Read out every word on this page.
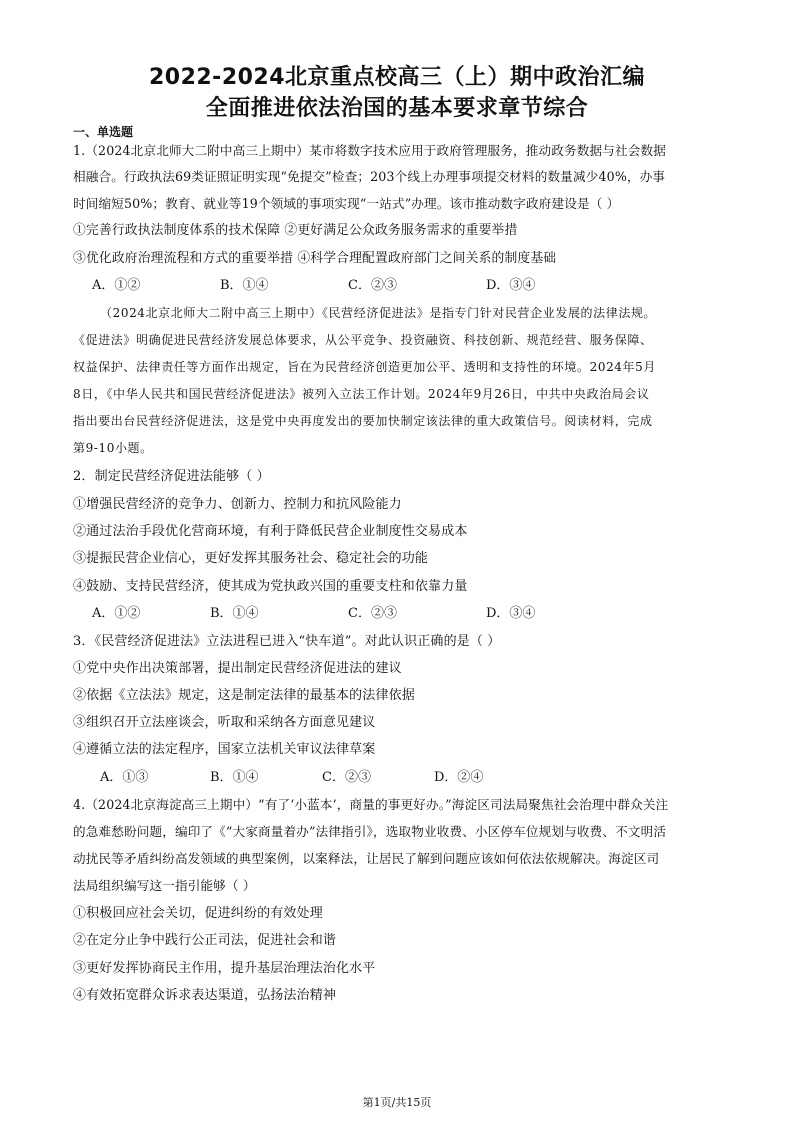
2022-2024北京重点校高三（上）期中政治汇编
全面推进依法治国的基本要求章节综合
一、单选题
1.（2024北京北师大二附中高三上期中）某市将数字技术应用于政府管理服务，推动政务数据与社会数据
相融合。行政执法69类证照证明实现“免提交”检查；203个线上办理事项提交材料的数量减少40%，办事
时间缩短50%；教育、就业等19个领域的事项实现“一站式”办理。该市推动数字政府建设是（ ）
①完善行政执法制度体系的技术保障 ②更好满足公众政务服务需求的重要举措
③优化政府治理流程和方式的重要举措 ④科学合理配置政府部门之间关系的制度基础
A．①②	B．①④	C．②③	D．③④
（2024北京北师大二附中高三上期中）《民营经济促进法》是指专门针对民营企业发展的法律法规。
《促进法》明确促进民营经济发展总体要求，从公平竞争、投资融资、科技创新、规范经营、服务保障、
权益保护、法律责任等方面作出规定，旨在为民营经济创造更加公平、透明和支持性的环境。2024年5月
8日，《中华人民共和国民营经济促进法》被列入立法工作计划。2024年9月26日，中共中央政治局会议
指出要出台民营经济促进法，这是党中央再度发出的要加快制定该法律的重大政策信号。阅读材料，完成
第9-10小题。
2．制定民营经济促进法能够（ ）
①增强民营经济的竞争力、创新力、控制力和抗风险能力
②通过法治手段优化营商环境，有利于降低民营企业制度性交易成本
③提振民营企业信心，更好发挥其服务社会、稳定社会的功能
④鼓励、支持民营经济，使其成为党执政兴国的重要支柱和依靠力量
A．①②	B．①④	C．②③	D．③④
3．《民营经济促进法》立法进程已进入“快车道”。对此认识正确的是（ ）
①党中央作出决策部署，提出制定民营经济促进法的建议
②依据《立法法》规定，这是制定法律的最基本的法律依据
③组织召开立法座谈会，听取和采纳各方面意见建议
④遵循立法的法定程序，国家立法机关审议法律草案
A．①③	B．①④	C．②③	D．②④
4.（2024北京海淀高三上期中）“有了‘小蓝本’，商量的事更好办。”海淀区司法局聚焦社会治理中群众关注
的急难愁盼问题，编印了《“大家商量着办”法律指引》，选取物业收费、小区停车位规划与收费、不文明活
动扰民等矛盾纠纷高发领域的典型案例，以案释法，让居民了解到问题应该如何依法依规解决。海淀区司
法局组织编写这一指引能够（ ）
①积极回应社会关切，促进纠纷的有效处理
②在定分止争中践行公正司法，促进社会和谐
③更好发挥协商民主作用，提升基层治理法治化水平
④有效拓宽群众诉求表达渠道，弘扬法治精神
第1页/共15页
